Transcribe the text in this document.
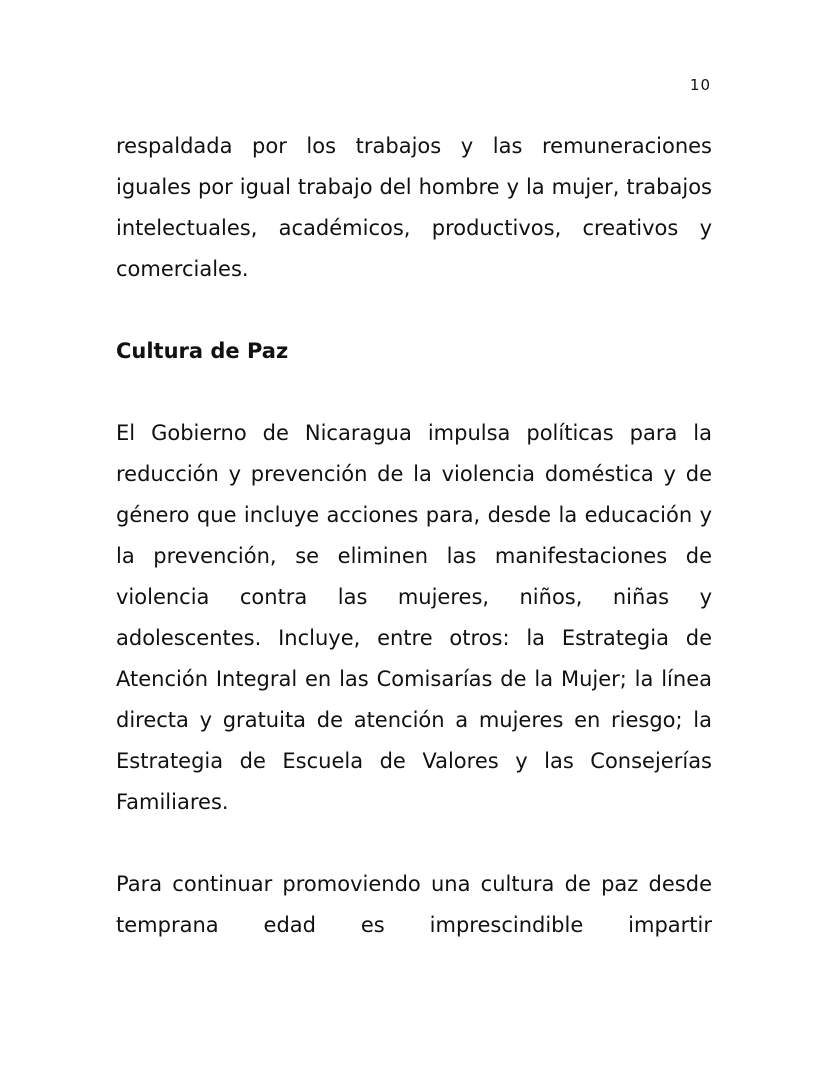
10

respaldada por los trabajos y las remuneraciones iguales por igual trabajo del hombre y la mujer, trabajos intelectuales, académicos, productivos, creativos y comerciales.

Cultura de Paz

El Gobierno de Nicaragua impulsa políticas para la reducción y prevención de la violencia doméstica y de género que incluye acciones para, desde la educación y la prevención, se eliminen las manifestaciones de violencia contra las mujeres, niños, niñas y adolescentes. Incluye, entre otros: la Estrategia de Atención Integral en las Comisarías de la Mujer; la línea directa y gratuita de atención a mujeres en riesgo; la Estrategia de Escuela de Valores y las Consejerías Familiares.

Para continuar promoviendo una cultura de paz desde temprana edad es imprescindible impartir
